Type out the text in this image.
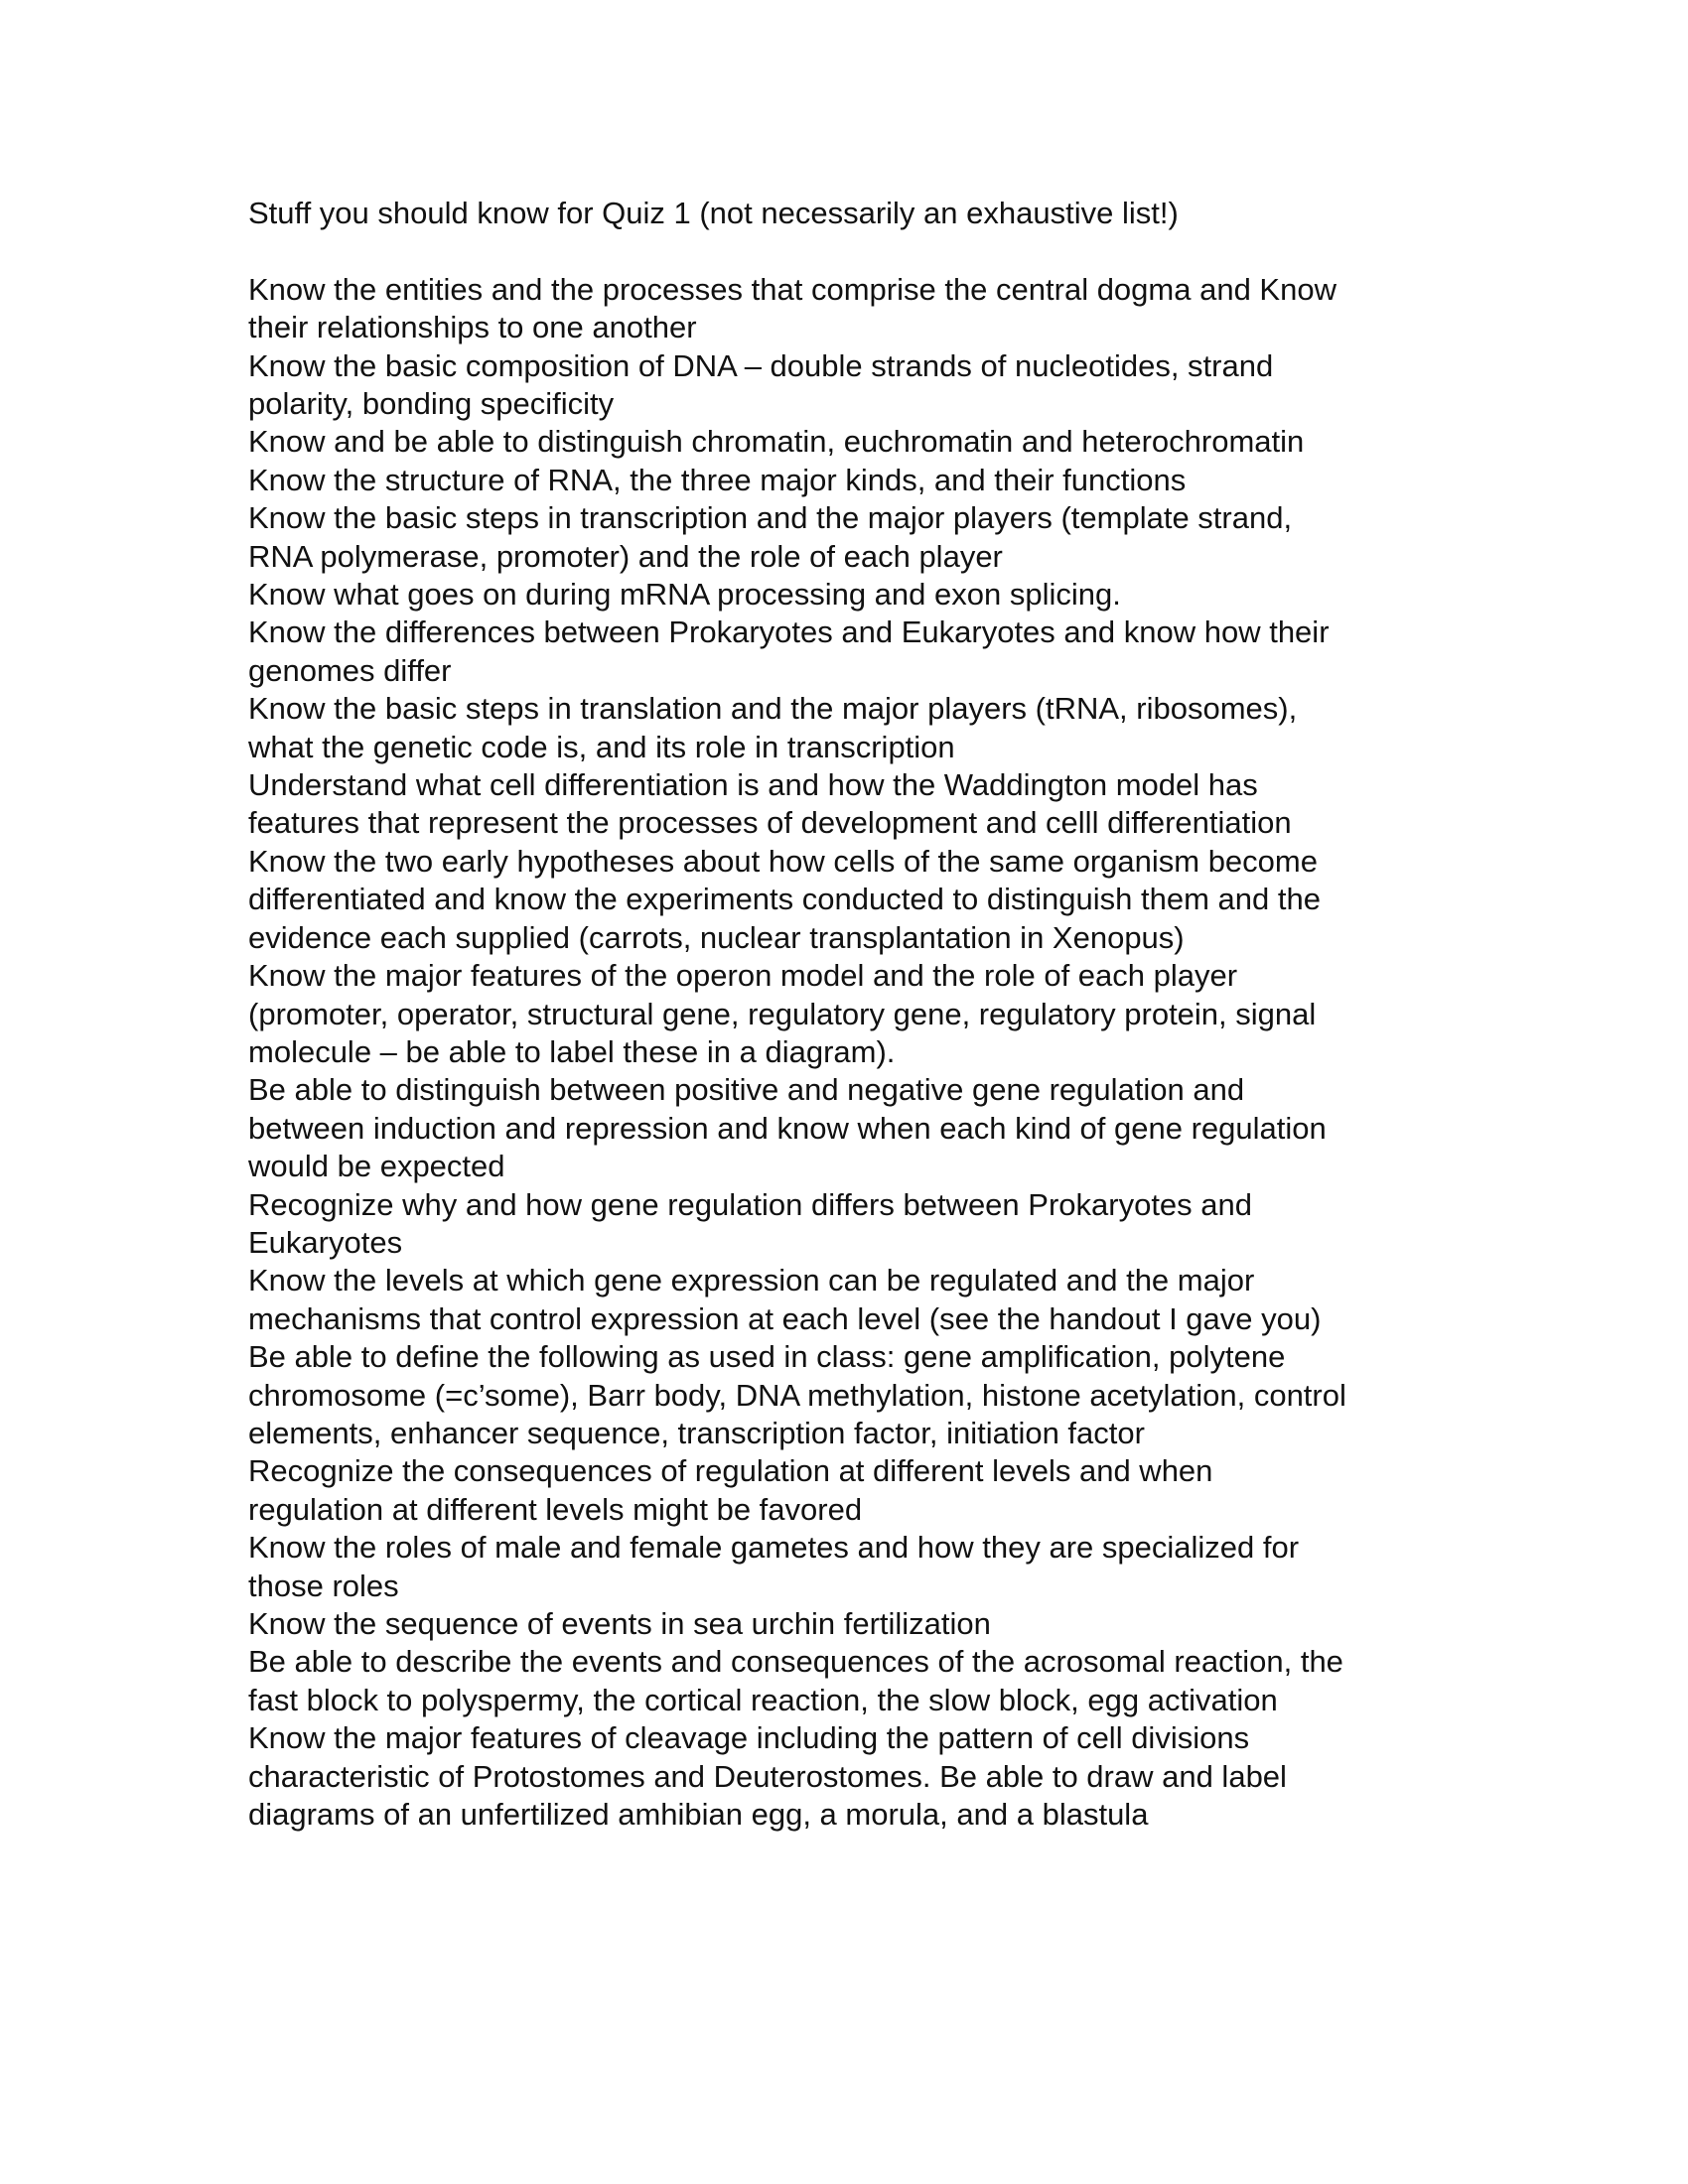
Stuff you should know for Quiz 1 (not necessarily an exhaustive list!)
Know the entities and the processes that comprise the central dogma and Know
their relationships to one another
Know the basic composition of DNA – double strands of nucleotides, strand
polarity, bonding specificity
Know and be able to distinguish chromatin, euchromatin and heterochromatin
Know the structure of RNA, the three major kinds, and their functions
Know the basic steps in transcription and the major players (template strand,
RNA polymerase, promoter) and the role of each player
Know what goes on during mRNA processing and exon splicing.
Know the differences between Prokaryotes and Eukaryotes and know how their
genomes differ
Know the basic steps in translation and the major players (tRNA, ribosomes),
what the genetic code is, and its role in transcription
Understand what cell differentiation is and how the Waddington model has
features that represent the processes of development and celll differentiation
Know the two early hypotheses about how cells of the same organism become
differentiated and know the experiments conducted to distinguish them and the
evidence each supplied (carrots, nuclear transplantation in Xenopus)
Know the major features of the operon model and the role of each player
(promoter, operator, structural gene, regulatory gene, regulatory protein, signal
molecule – be able to label these in a diagram).
Be able to distinguish between positive and negative gene regulation and
between induction and repression and know when each kind of gene regulation
would be expected
Recognize why and how gene regulation differs between Prokaryotes and
Eukaryotes
Know the levels at which gene expression can be regulated and the major
mechanisms that control expression at each level (see the handout I gave you)
Be able to define the following as used in class: gene amplification, polytene
chromosome (=c’some), Barr body, DNA methylation, histone acetylation, control
elements, enhancer sequence, transcription factor, initiation factor
Recognize the consequences of regulation at different levels and when
regulation at different levels might be favored
Know the roles of male and female gametes and how they are specialized for
those roles
Know the sequence of events in sea urchin fertilization
Be able to describe the events and consequences of the acrosomal reaction, the
fast block to polyspermy, the cortical reaction, the slow block, egg activation
Know the major features of cleavage including the pattern of cell divisions
characteristic of Protostomes and Deuterostomes. Be able to draw and label
diagrams of an unfertilized amhibian egg, a morula, and a blastula
